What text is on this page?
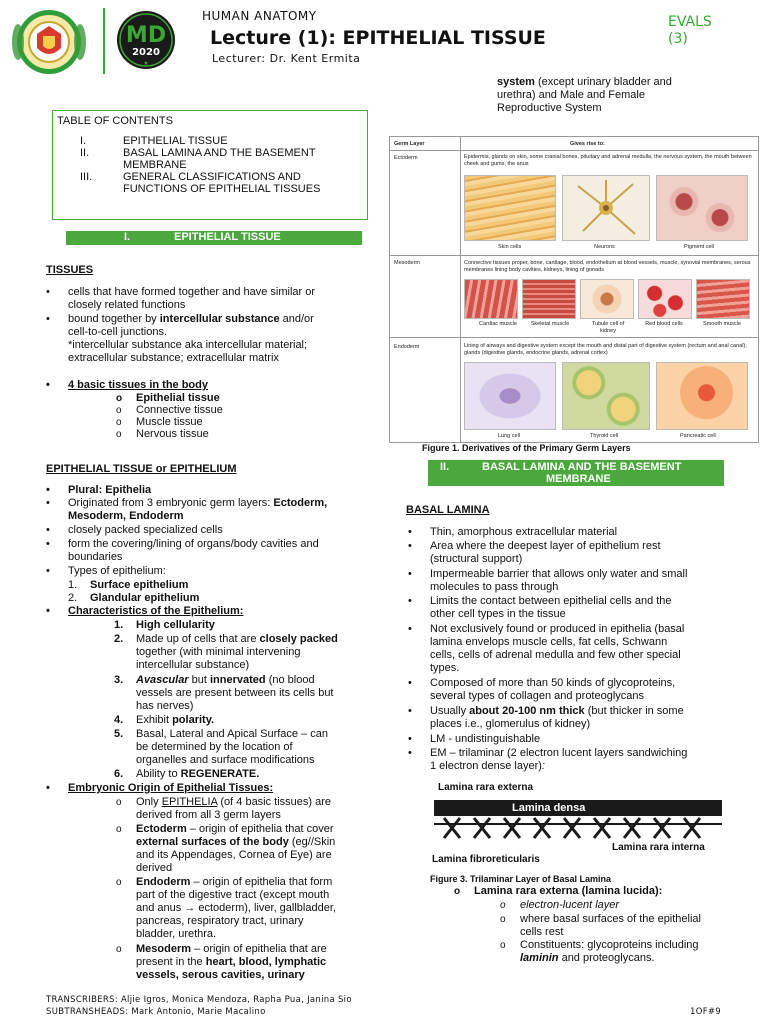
MD
2020
★
HUMAN ANATOMY
Lecture (1): EPITHELIAL TISSUE
Lecturer: Dr. Kent Ermita
EVALS
(3)
TABLE OF CONTENTS
I.	EPITHELIAL TISSUE
II.	BASAL LAMINA AND THE BASEMENT
MEMBRANE
III.	GENERAL CLASSIFICATIONS AND
FUNCTIONS OF EPITHELIAL TISSUES
I.	EPITHELIAL TISSUE
TISSUES
• cells that have formed together and have similar or
closely related functions
• bound together by intercellular substance and/or
cell-to-cell junctions.
*intercellular substance aka intercellular material;
extracellular substance; extracellular matrix
• 4 basic tissues in the body
o Epithelial tissue
o Connective tissue
o Muscle tissue
o Nervous tissue
EPITHELIAL TISSUE or EPITHELIUM
• Plural: Epithelia
• Originated from 3 embryonic germ layers: Ectoderm,
Mesoderm, Endoderm
• closely packed specialized cells
• form the covering/lining of organs/body cavities and
boundaries
• Types of epithelium:
1. Surface epithelium
2. Glandular epithelium
• Characteristics of the Epithelium:
1. High cellularity
2. Made up of cells that are closely packed
together (with minimal intervening
intercellular substance)
3. Avascular but innervated (no blood
vessels are present between its cells but
has nerves)
4. Exhibit polarity.
5. Basal, Lateral and Apical Surface – can
be determined by the location of
organelles and surface modifications
6. Ability to REGENERATE.
• Embryonic Origin of Epithelial Tissues:
o Only EPITHELIA (of 4 basic tissues) are
derived from all 3 germ layers
o Ectoderm – origin of epithelia that cover
external surfaces of the body (eg//Skin
and its Appendages, Cornea of Eye) are
derived
o Endoderm – origin of epithelia that form
part of the digestive tract (except mouth
and anus → ectoderm), liver, gallbladder,
pancreas, respiratory tract, urinary
bladder, urethra.
o Mesoderm – origin of epithelia that are
present in the heart, blood, lymphatic
vessels, serous cavities, urinary
system (except urinary bladder and
urethra) and Male and Female
Reproductive System
Germ Layer	Gives rise to:
Ectoderm	Epidermis, glands on skin, some cranial bones, pituitary and adrenal medulla, the nervous system, the mouth between cheek and gums, the anus
Skin cells	Neurons	Pigment cell
Mesoderm	Connective tissues proper, bone, cartilage, blood, endothelium at blood vessels, muscle, synovial membranes, serous membranes lining body cavities, kidneys, lining of gonads
Cardiac muscle	Skeletal muscle	Tubule cell of kidney
Red blood cells	Smooth muscle
Endoderm	Lining of airways and digestive system except the mouth and distal part of digestive system (rectum and anal canal); glands (digestive glands, endocrine glands, adrenal cortex)
Lung cell	Thyroid cell	Pancreatic cell
Figure 1. Derivatives of the Primary Germ Layers
II.	BASAL LAMINA AND THE BASEMENT
MEMBRANE
BASAL LAMINA
• Thin, amorphous extracellular material
• Area where the deepest layer of epithelium rest
(structural support)
• Impermeable barrier that allows only water and small
molecules to pass through
• Limits the contact between epithelial cells and the
other cell types in the tissue
• Not exclusively found or produced in epithelia (basal
lamina envelops muscle cells, fat cells, Schwann
cells, cells of adrenal medulla and few other special
types.
• Composed of more than 50 kinds of glycoproteins,
several types of collagen and proteoglycans
• Usually about 20-100 nm thick (but thicker in some
places i.e., glomerulus of kidney)
• LM - undistinguishable
• EM – trilaminar (2 electron lucent layers sandwiching
1 electron dense layer):
Lamina rara externa
Lamina densa
Lamina rara interna
Lamina fibroreticularis
Figure 3. Trilaminar Layer of Basal Lamina
o Lamina rara externa (lamina lucida):
o electron-lucent layer
o where basal surfaces of the epithelial
cells rest
o Constituents: glycoproteins including
laminin and proteoglycans.
TRANSCRIBERS: Aljie Igros, Monica Mendoza, Rapha Pua, Janina Sio
SUBTRANSHEADS: Mark Antonio, Marie Macalino	1OF#9
